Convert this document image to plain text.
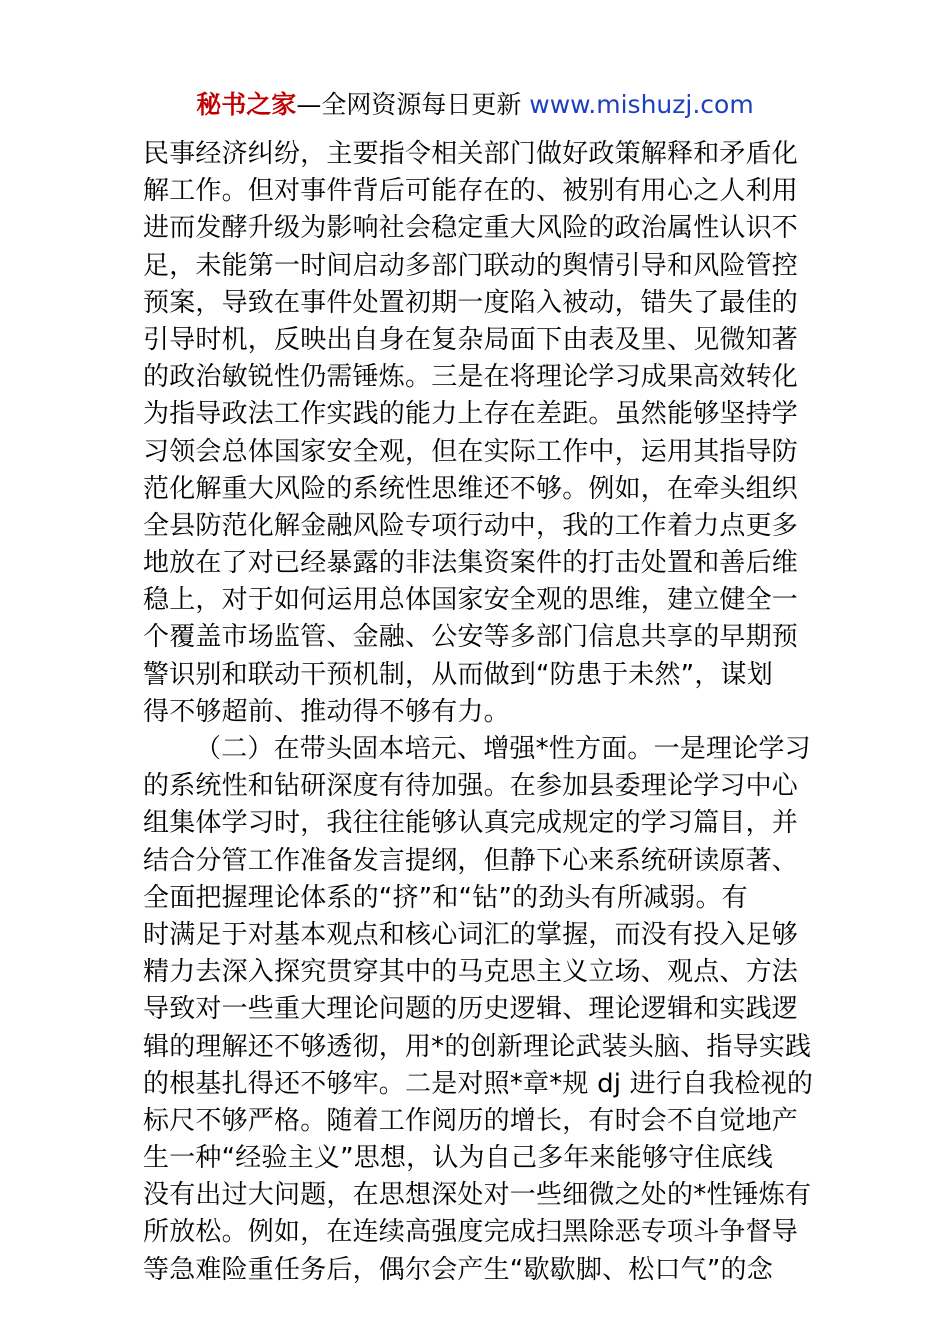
秘书之家—全网资源每日更新 www.mishuzj.com
民事经济纠纷，主要指令相关部门做好政策解释和矛盾化
解工作。但对事件背后可能存在的、被别有用心之人利用
进而发酵升级为影响社会稳定重大风险的政治属性认识不
足，未能第一时间启动多部门联动的舆情引导和风险管控
预案，导致在事件处置初期一度陷入被动，错失了最佳的
引导时机，反映出自身在复杂局面下由表及里、见微知著
的政治敏锐性仍需锤炼。三是在将理论学习成果高效转化
为指导政法工作实践的能力上存在差距。虽然能够坚持学
习领会总体国家安全观，但在实际工作中，运用其指导防
范化解重大风险的系统性思维还不够。例如，在牵头组织
全县防范化解金融风险专项行动中，我的工作着力点更多
地放在了对已经暴露的非法集资案件的打击处置和善后维
稳上，对于如何运用总体国家安全观的思维，建立健全一
个覆盖市场监管、金融、公安等多部门信息共享的早期预
警识别和联动干预机制，从而做到“防患于未然”，谋划
得不够超前、推动得不够有力。
（二）在带头固本培元、增强*性方面。一是理论学习
的系统性和钻研深度有待加强。在参加县委理论学习中心
组集体学习时，我往往能够认真完成规定的学习篇目，并
结合分管工作准备发言提纲，但静下心来系统研读原著、
全面把握理论体系的“挤”和“钻”的劲头有所减弱。有
时满足于对基本观点和核心词汇的掌握，而没有投入足够
精力去深入探究贯穿其中的马克思主义立场、观点、方法
导致对一些重大理论问题的历史逻辑、理论逻辑和实践逻
辑的理解还不够透彻，用*的创新理论武装头脑、指导实践
的根基扎得还不够牢。二是对照*章*规 dj 进行自我检视的
标尺不够严格。随着工作阅历的增长，有时会不自觉地产
生一种“经验主义”思想，认为自己多年来能够守住底线
没有出过大问题，在思想深处对一些细微之处的*性锤炼有
所放松。例如，在连续高强度完成扫黑除恶专项斗争督导
等急难险重任务后，偶尔会产生“歇歇脚、松口气”的念
